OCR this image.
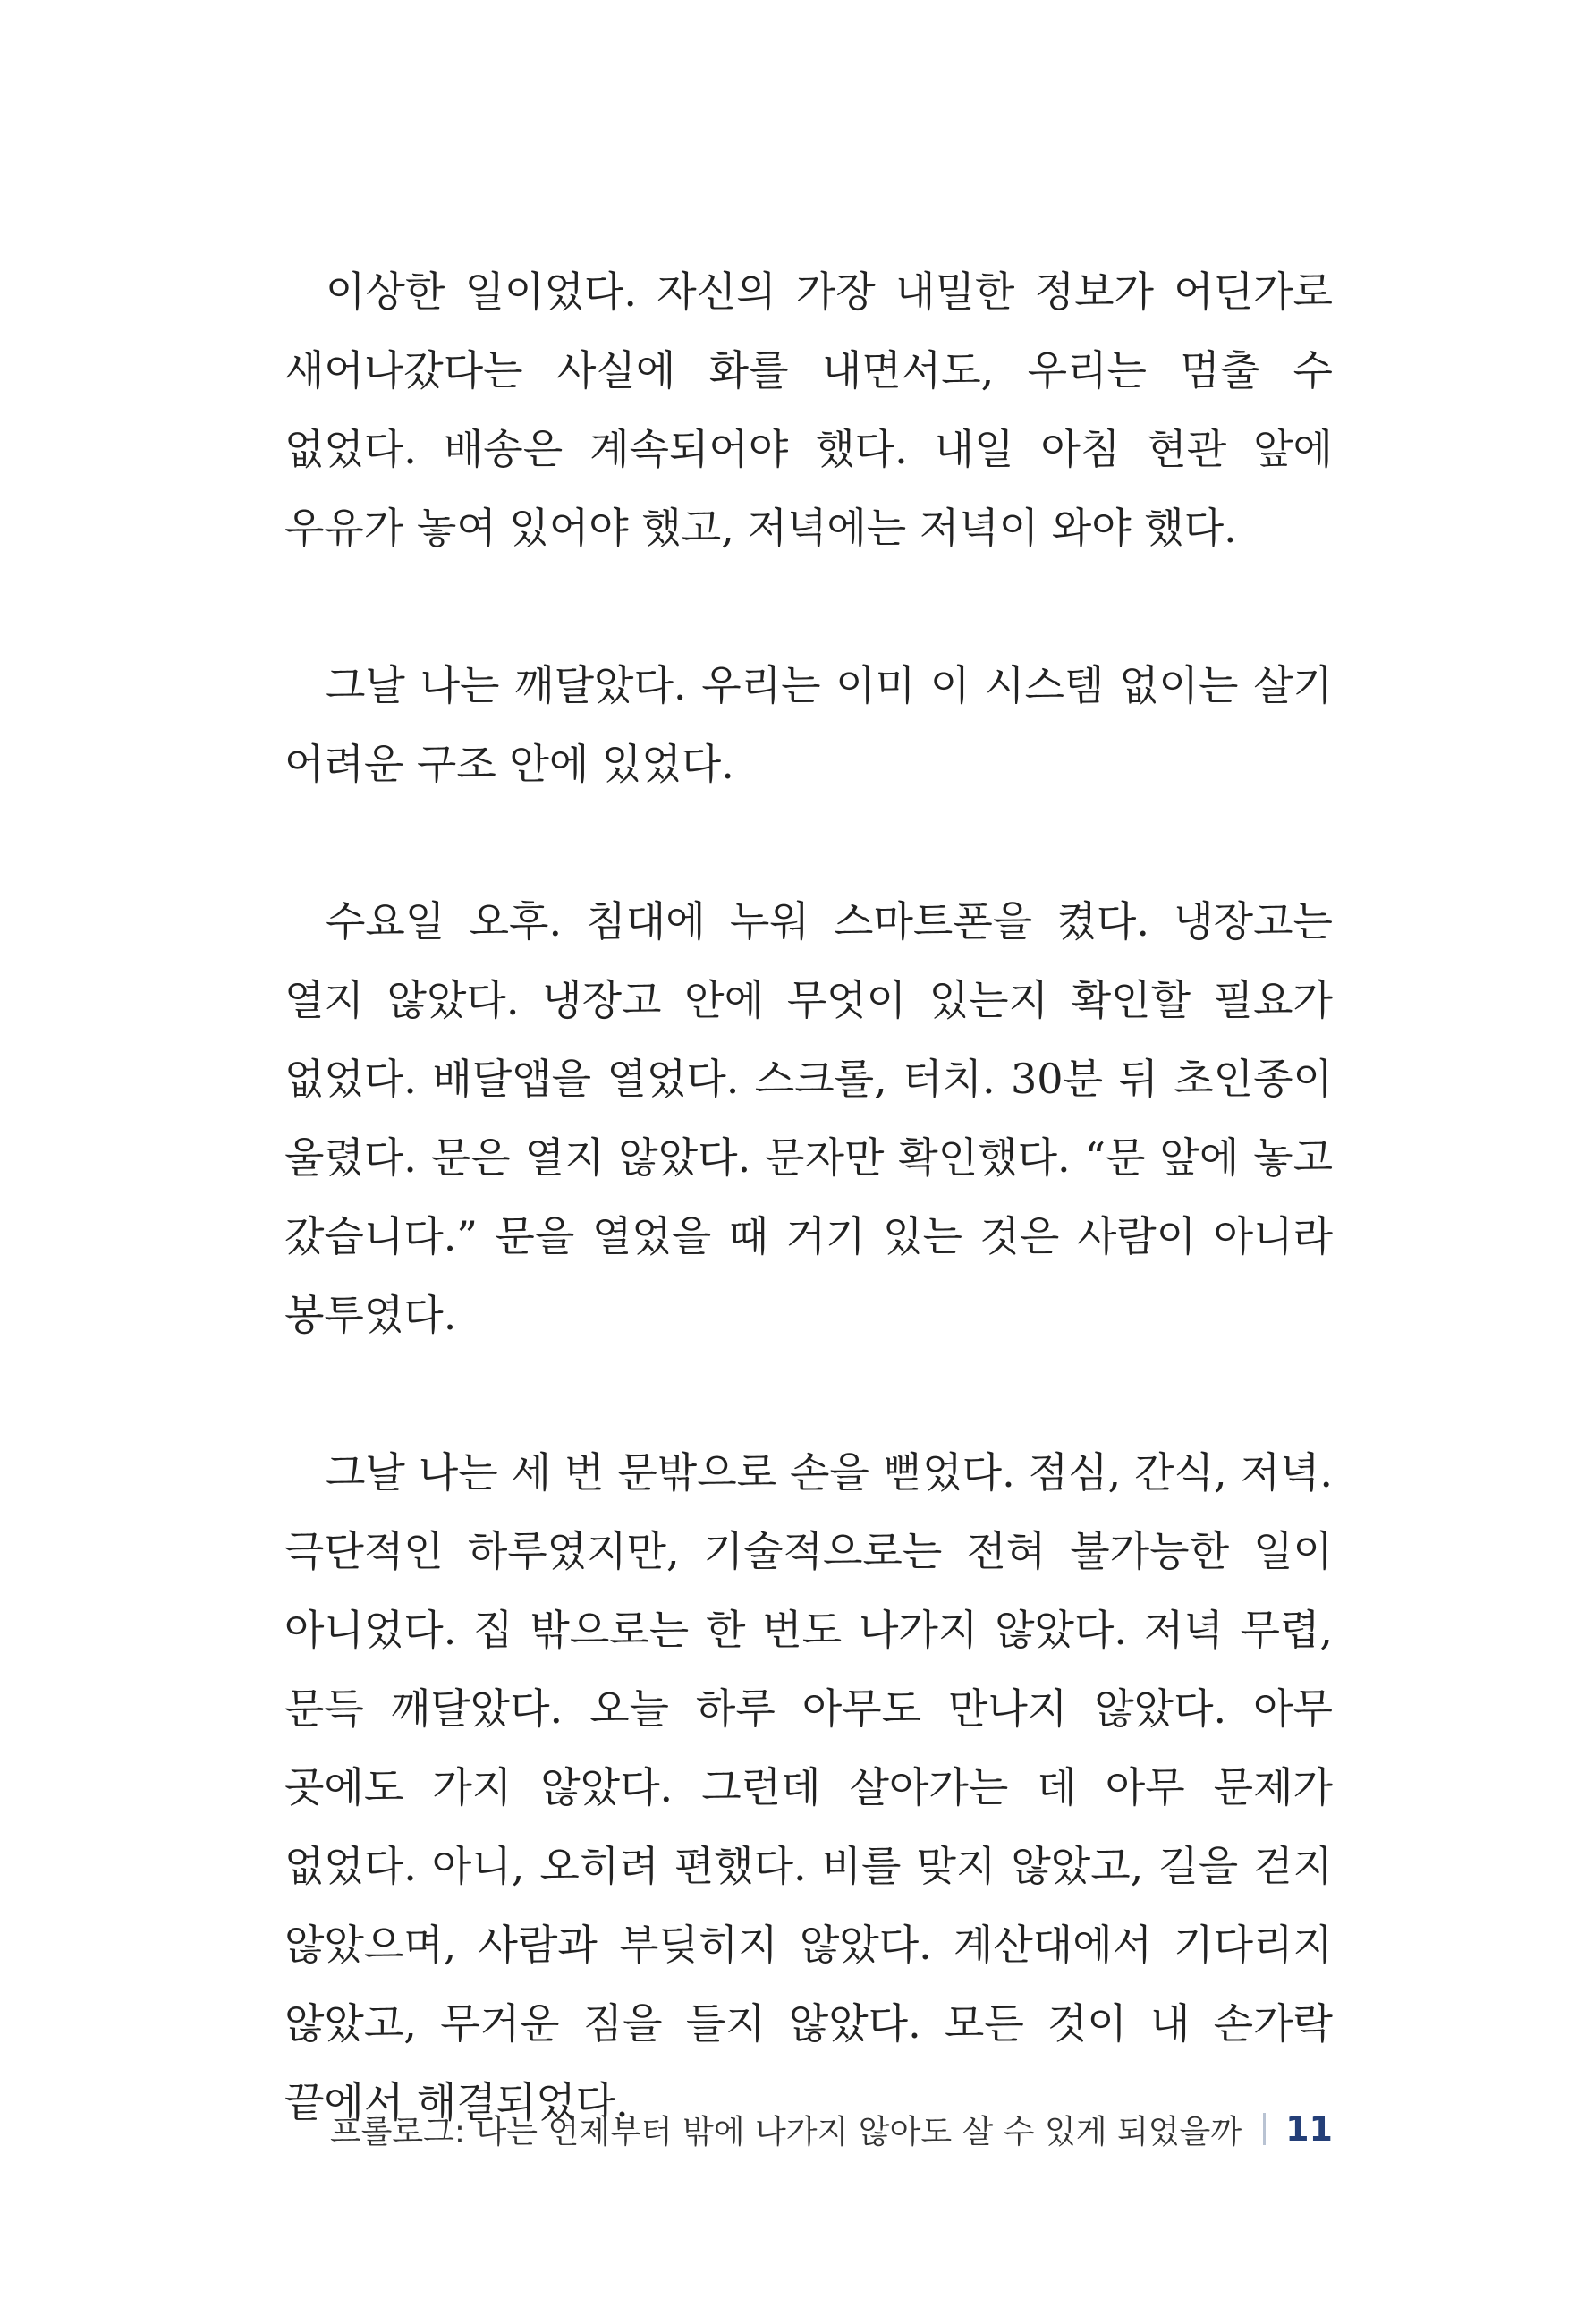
이상한 일이었다. 자신의 가장 내밀한 정보가 어딘가로 새어나갔다는 사실에 화를 내면서도, 우리는 멈출 수 없었다. 배송은 계속되어야 했다. 내일 아침 현관 앞에 우유가 놓여 있어야 했고, 저녁에는 저녁이 와야 했다.

그날 나는 깨달았다. 우리는 이미 이 시스템 없이는 살기 어려운 구조 안에 있었다.

수요일 오후. 침대에 누워 스마트폰을 켰다. 냉장고는 열지 않았다. 냉장고 안에 무엇이 있는지 확인할 필요가 없었다. 배달앱을 열었다. 스크롤, 터치. 30분 뒤 초인종이 울렸다. 문은 열지 않았다. 문자만 확인했다. “문 앞에 놓고 갔습니다.” 문을 열었을 때 거기 있는 것은 사람이 아니라 봉투였다.

그날 나는 세 번 문밖으로 손을 뻗었다. 점심, 간식, 저녁. 극단적인 하루였지만, 기술적으로는 전혀 불가능한 일이 아니었다. 집 밖으로는 한 번도 나가지 않았다. 저녁 무렵, 문득 깨달았다. 오늘 하루 아무도 만나지 않았다. 아무 곳에도 가지 않았다. 그런데 살아가는 데 아무 문제가 없었다. 아니, 오히려 편했다. 비를 맞지 않았고, 길을 걷지 않았으며, 사람과 부딪히지 않았다. 계산대에서 기다리지 않았고, 무거운 짐을 들지 않았다. 모든 것이 내 손가락 끝에서 해결되었다.

프롤로그: 나는 언제부터 밖에 나가지 않아도 살 수 있게 되었을까 11
